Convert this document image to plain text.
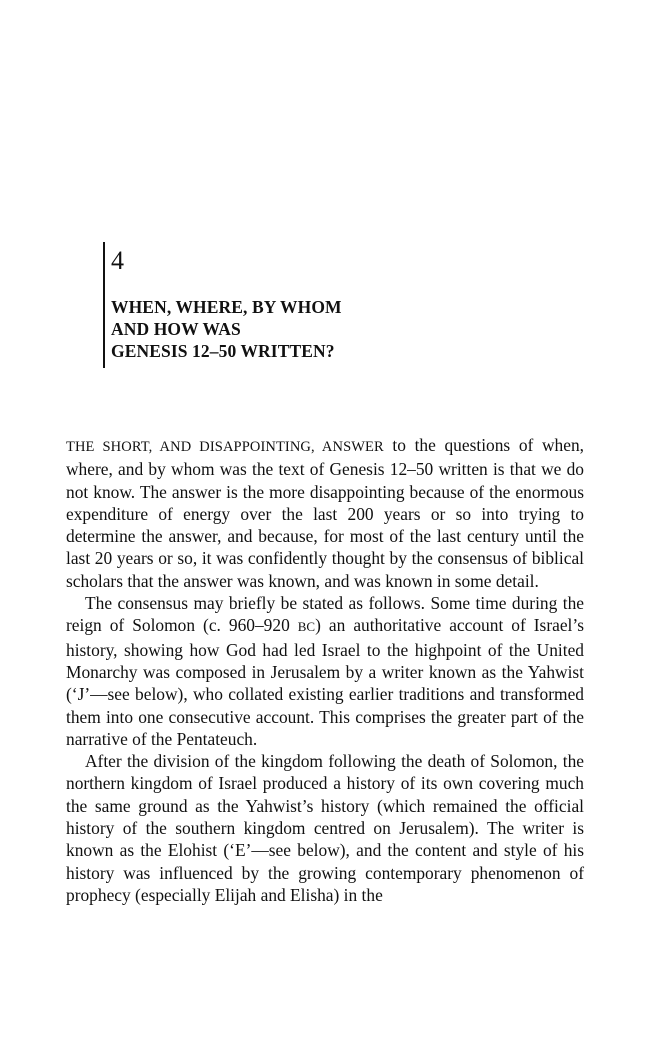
4
WHEN, WHERE, BY WHOM
AND HOW WAS
GENESIS 12–50 WRITTEN?

THE SHORT, AND DISAPPOINTING, ANSWER to the questions of when, where, and by whom was the text of Genesis 12–50 written is that we do not know. The answer is the more disappointing because of the enormous expenditure of energy over the last 200 years or so into trying to determine the answer, and because, for most of the last century until the last 20 years or so, it was confidently thought by the consensus of biblical scholars that the answer was known, and was known in some detail.

The consensus may briefly be stated as follows. Some time during the reign of Solomon (c. 960–920 BC) an authoritative account of Israel’s history, showing how God had led Israel to the highpoint of the United Monarchy was composed in Jerusalem by a writer known as the Yahwist (‘J’—see below), who collated existing earlier traditions and transformed them into one consecutive account. This comprises the greater part of the narrative of the Pentateuch.

After the division of the kingdom following the death of Solomon, the northern kingdom of Israel produced a history of its own covering much the same ground as the Yahwist’s history (which remained the official history of the southern kingdom centred on Jerusalem). The writer is known as the Elohist (‘E’—see below), and the content and style of his history was influenced by the growing contemporary phenomenon of prophecy (especially Elijah and Elisha) in the
